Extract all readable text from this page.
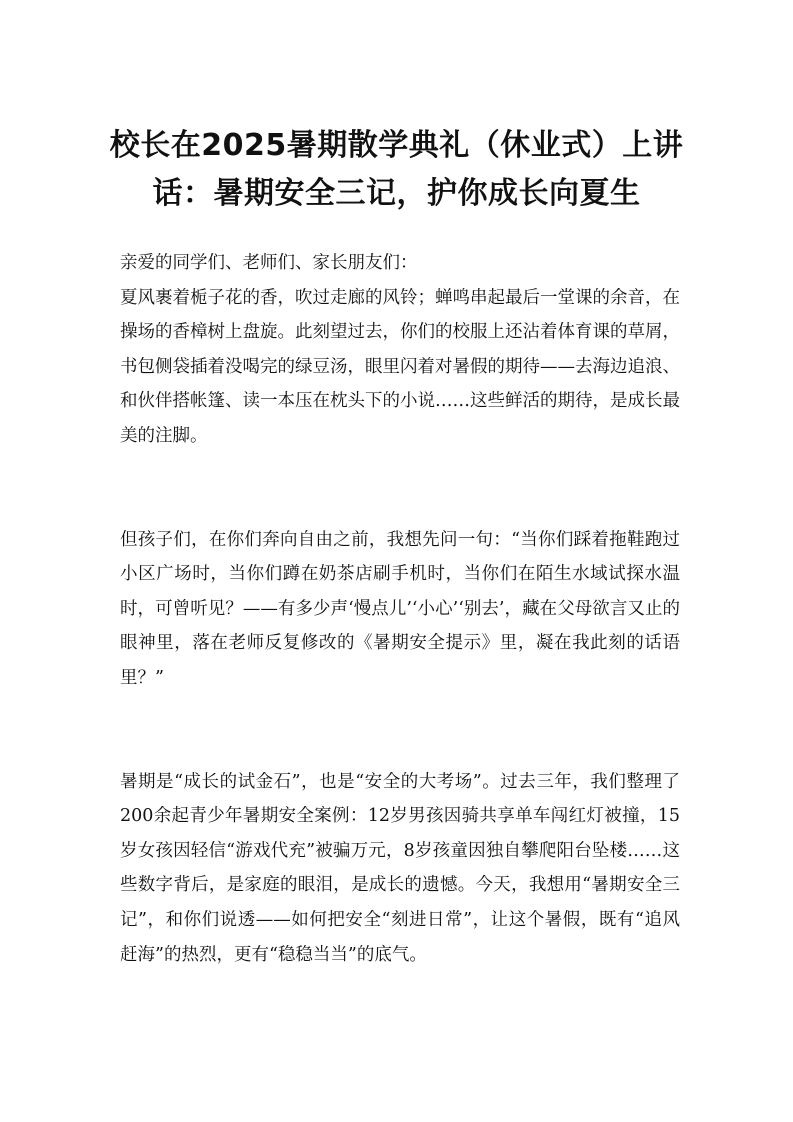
校长在2025暑期散学典礼（休业式）上讲话：暑期安全三记，护你成长向夏生

亲爱的同学们、老师们、家长朋友们：

夏风裹着栀子花的香，吹过走廊的风铃；蝉鸣串起最后一堂课的余音，在操场的香樟树上盘旋。此刻望过去，你们的校服上还沾着体育课的草屑，书包侧袋插着没喝完的绿豆汤，眼里闪着对暑假的期待——去海边追浪、和伙伴搭帐篷、读一本压在枕头下的小说……这些鲜活的期待，是成长最美的注脚。

但孩子们，在你们奔向自由之前，我想先问一句：“当你们踩着拖鞋跑过小区广场时，当你们蹲在奶茶店刷手机时，当你们在陌生水域试探水温时，可曾听见？——有多少声‘慢点儿’‘小心’‘别去’，藏在父母欲言又止的眼神里，落在老师反复修改的《暑期安全提示》里，凝在我此刻的话语里？”

暑期是“成长的试金石”，也是“安全的大考场”。过去三年，我们整理了200余起青少年暑期安全案例：12岁男孩因骑共享单车闯红灯被撞，15岁女孩因轻信“游戏代充”被骗万元，8岁孩童因独自攀爬阳台坠楼……这些数字背后，是家庭的眼泪，是成长的遗憾。今天，我想用“暑期安全三记”，和你们说透——如何把安全“刻进日常”，让这个暑假，既有“追风赶海”的热烈，更有“稳稳当当”的底气。
